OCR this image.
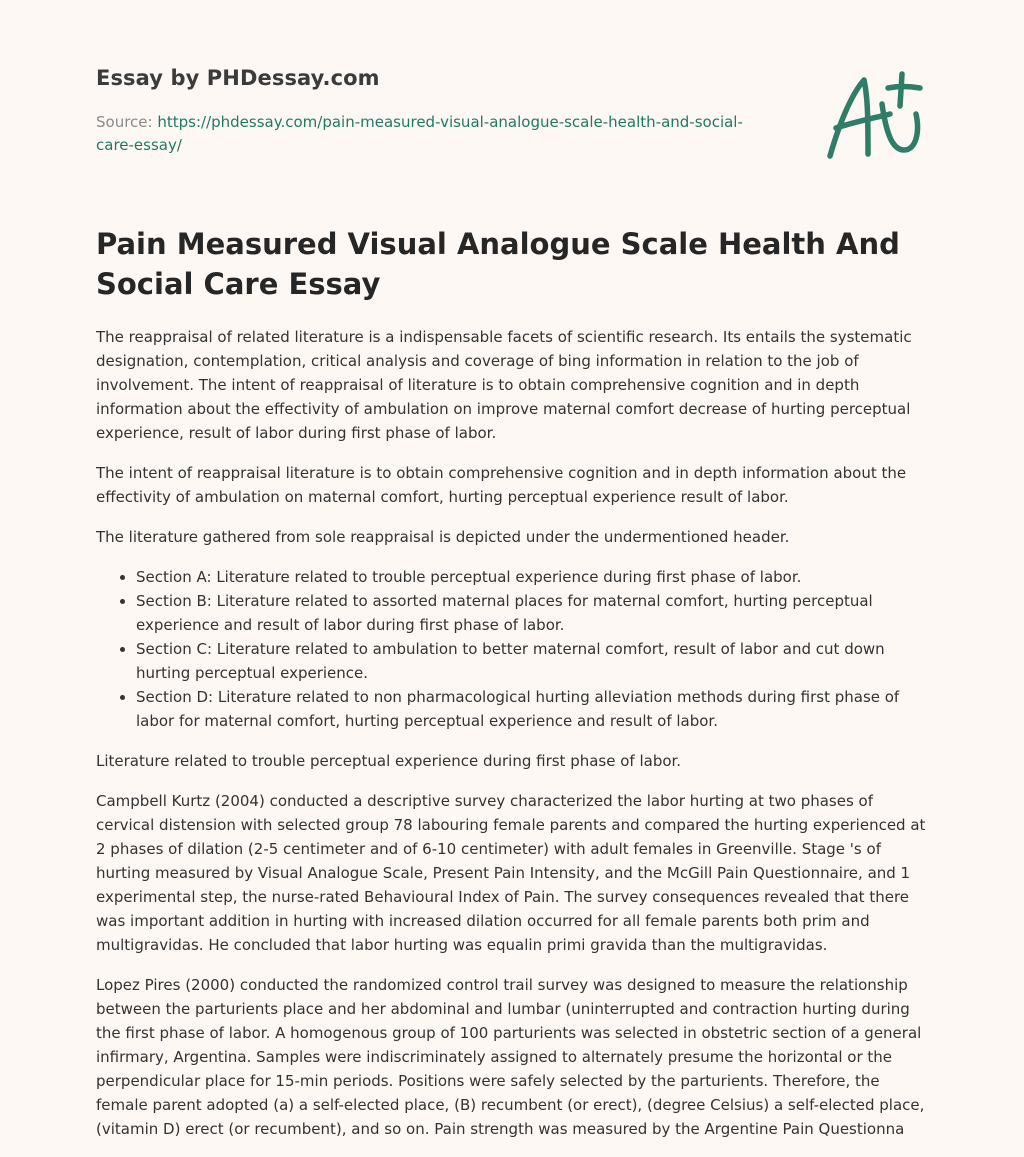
Essay by PHDessay.com
Source: https://phdessay.com/pain-measured-visual-analogue-scale-health-and-social-care-essay/
Pain Measured Visual Analogue Scale Health And Social Care Essay

The reappraisal of related literature is a indispensable facets of scientific research. Its entails the systematic designation, contemplation, critical analysis and coverage of bing information in relation to the job of involvement. The intent of reappraisal of literature is to obtain comprehensive cognition and in depth information about the effectivity of ambulation on improve maternal comfort decrease of hurting perceptual experience, result of labor during first phase of labor.

The intent of reappraisal literature is to obtain comprehensive cognition and in depth information about the effectivity of ambulation on maternal comfort, hurting perceptual experience result of labor.

The literature gathered from sole reappraisal is depicted under the undermentioned header.

• Section A: Literature related to trouble perceptual experience during first phase of labor.
• Section B: Literature related to assorted maternal places for maternal comfort, hurting perceptual experience and result of labor during first phase of labor.
• Section C: Literature related to ambulation to better maternal comfort, result of labor and cut down hurting perceptual experience.
• Section D: Literature related to non pharmacological hurting alleviation methods during first phase of labor for maternal comfort, hurting perceptual experience and result of labor.

Literature related to trouble perceptual experience during first phase of labor.

Campbell Kurtz (2004) conducted a descriptive survey characterized the labor hurting at two phases of cervical distension with selected group 78 labouring female parents and compared the hurting experienced at 2 phases of dilation (2-5 centimeter and of 6-10 centimeter) with adult females in Greenville. Stage 's of hurting measured by Visual Analogue Scale, Present Pain Intensity, and the McGill Pain Questionnaire, and 1 experimental step, the nurse-rated Behavioural Index of Pain. The survey consequences revealed that there was important addition in hurting with increased dilation occurred for all female parents both prim and multigravidas. He concluded that labor hurting was equalin primi gravida than the multigravidas.

Lopez Pires (2000) conducted the randomized control trail survey was designed to measure the relationship between the parturients place and her abdominal and lumbar (uninterrupted and contraction hurting during the first phase of labor. A homogenous group of 100 parturients was selected in obstetric section of a general infirmary, Argentina. Samples were indiscriminately assigned to alternately presume the horizontal or the perpendicular place for 15-min periods. Positions were safely selected by the parturients. Therefore, the female parent adopted (a) a self-elected place, (B) recumbent (or erect), (degree Celsius) a self-elected place, (vitamin D) erect (or recumbent), and so on. Pain strength was measured by the Argentine Pain Questionna
